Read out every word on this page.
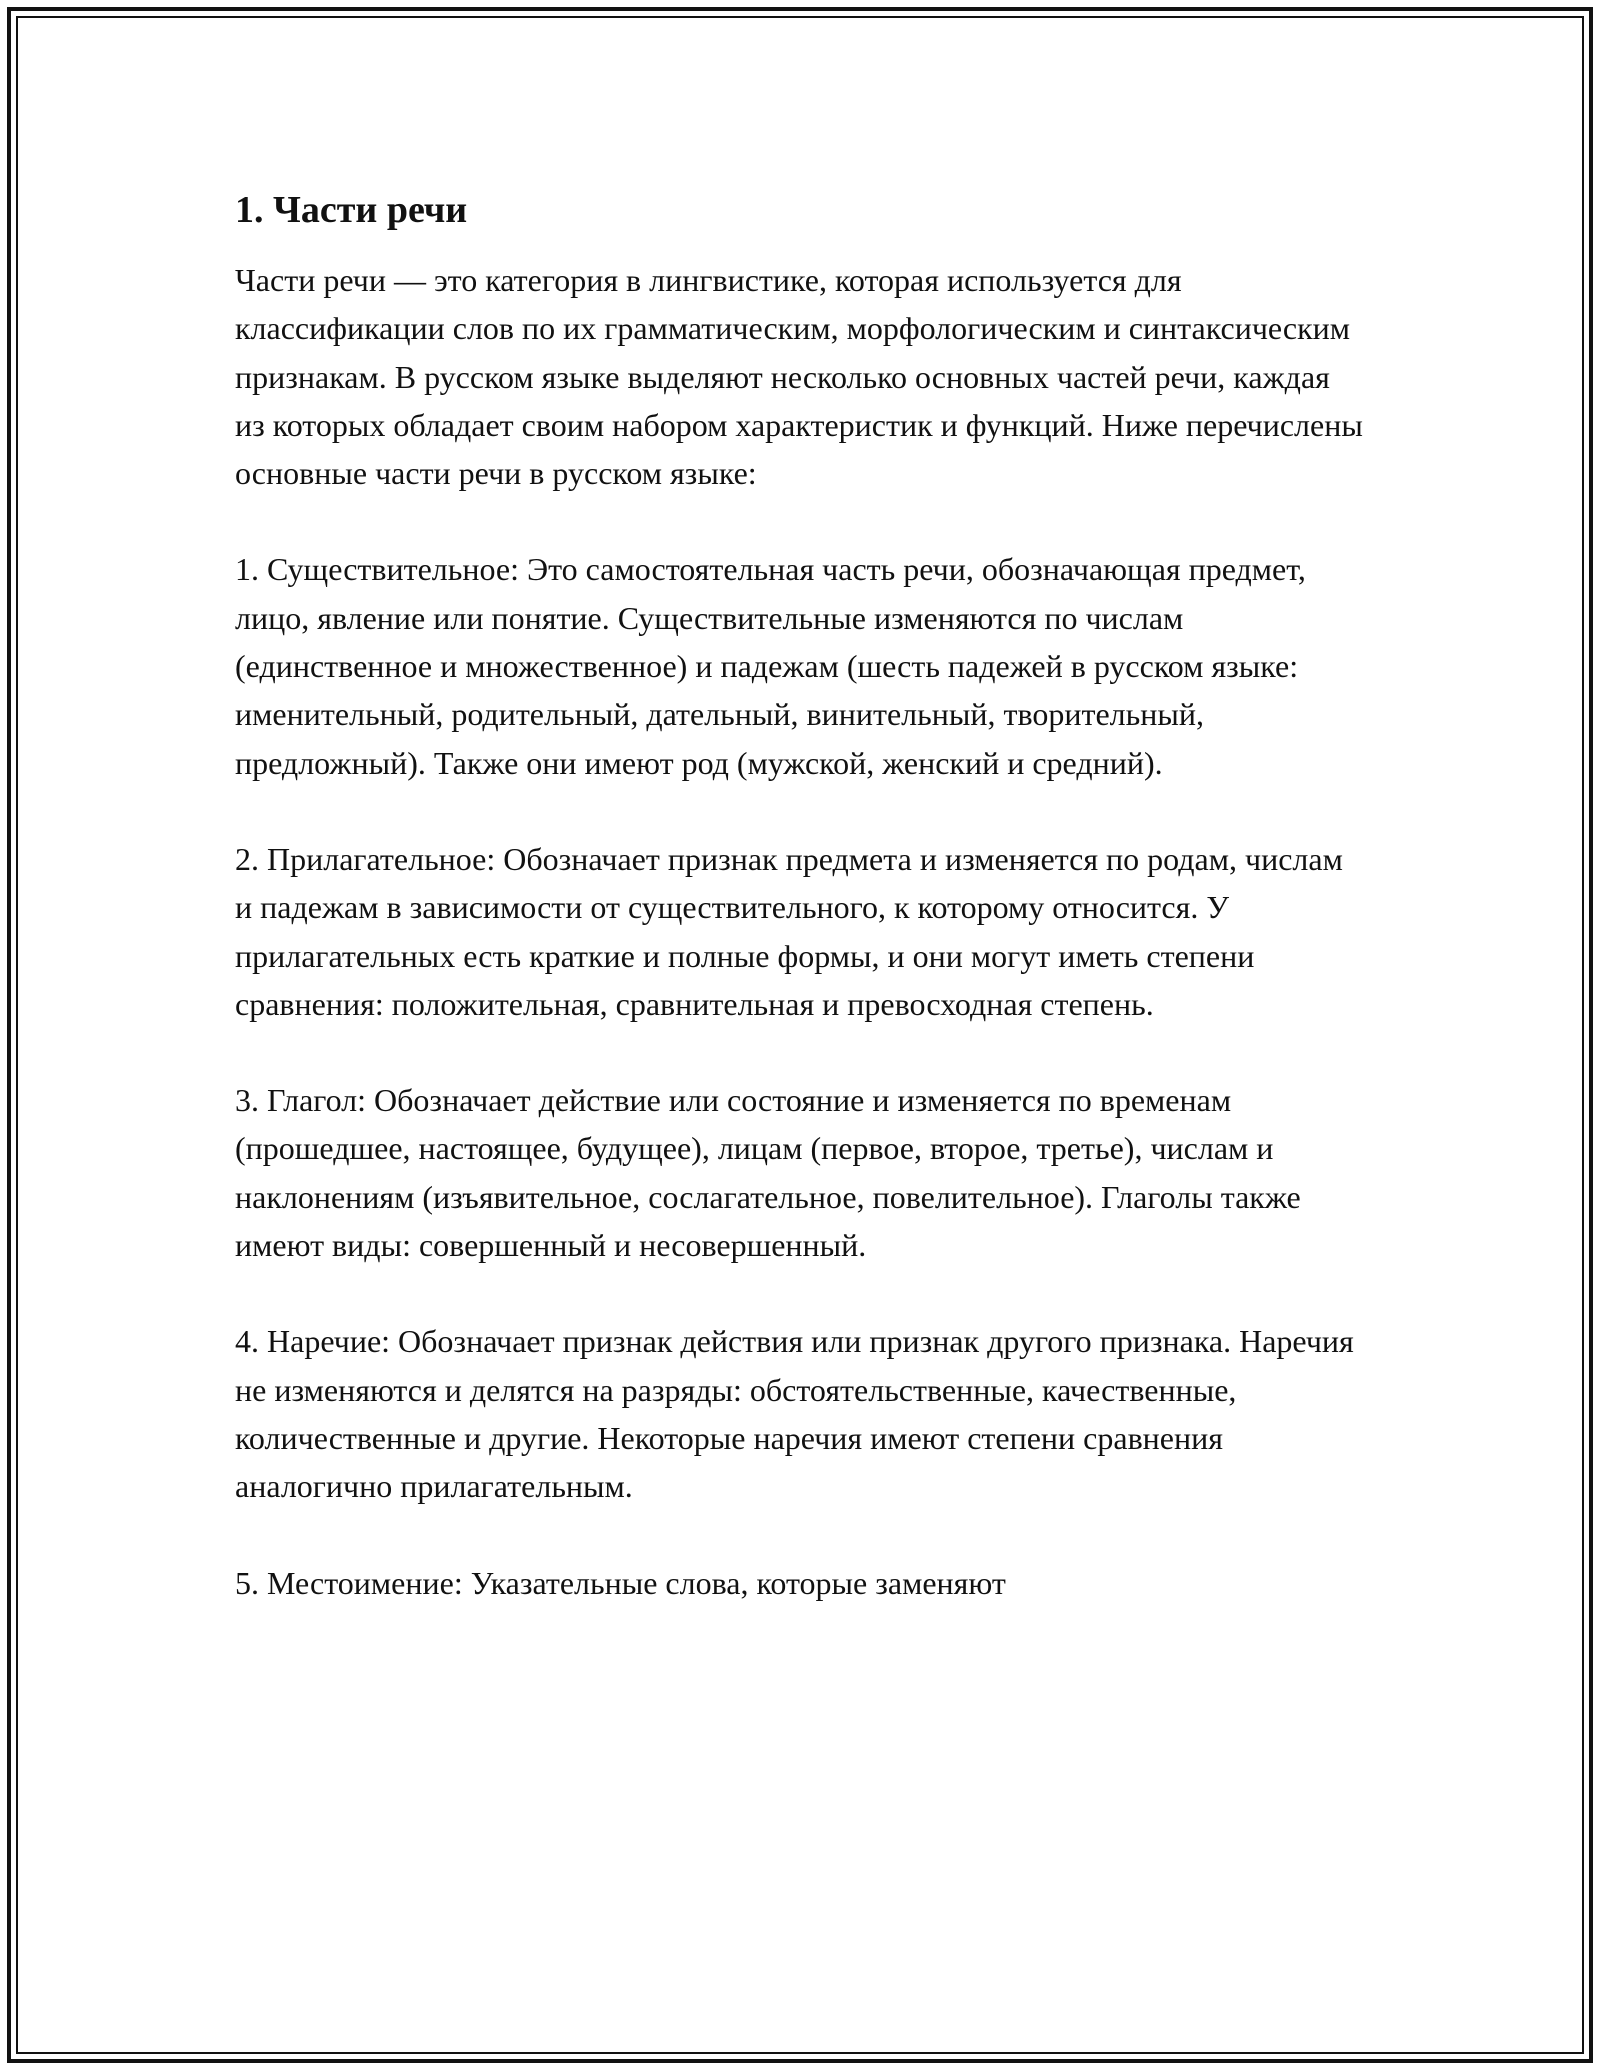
1. Части речи

Части речи — это категория в лингвистике, которая используется для классификации слов по их грамматическим, морфологическим и синтаксическим признакам. В русском языке выделяют несколько основных частей речи, каждая из которых обладает своим набором характеристик и функций. Ниже перечислены основные части речи в русском языке:

1. Существительное: Это самостоятельная часть речи, обозначающая предмет, лицо, явление или понятие. Существительные изменяются по числам (единственное и множественное) и падежам (шесть падежей в русском языке: именительный, родительный, дательный, винительный, творительный, предложный). Также они имеют род (мужской, женский и средний).

2. Прилагательное: Обозначает признак предмета и изменяется по родам, числам и падежам в зависимости от существительного, к которому относится. У прилагательных есть краткие и полные формы, и они могут иметь степени сравнения: положительная, сравнительная и превосходная степень.

3. Глагол: Обозначает действие или состояние и изменяется по временам (прошедшее, настоящее, будущее), лицам (первое, второе, третье), числам и наклонениям (изъявительное, сослагательное, повелительное). Глаголы также имеют виды: совершенный и несовершенный.

4. Наречие: Обозначает признак действия или признак другого признака. Наречия не изменяются и делятся на разряды: обстоятельственные, качественные, количественные и другие. Некоторые наречия имеют степени сравнения аналогично прилагательным.

5. Местоимение: Указательные слова, которые заменяют
